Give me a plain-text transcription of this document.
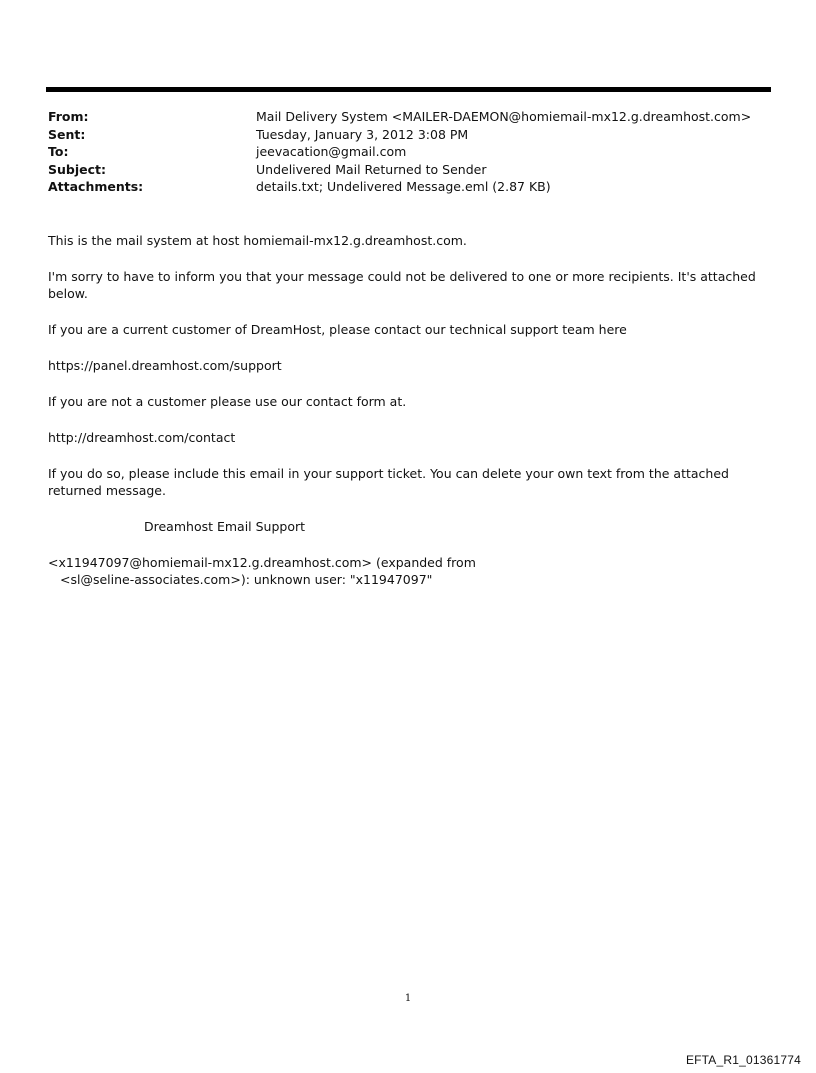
From:	Mail Delivery System <MAILER-DAEMON@homiemail-mx12.g.dreamhost.com>
Sent:	Tuesday, January 3, 2012 3:08 PM
To:	jeevacation@gmail.com
Subject:	Undelivered Mail Returned to Sender
Attachments:	details.txt; Undelivered Message.eml (2.87 KB)

This is the mail system at host homiemail-mx12.g.dreamhost.com.

I'm sorry to have to inform you that your message could not be delivered to one or more recipients. It's attached below.

If you are a current customer of DreamHost, please contact our technical support team here

https://panel.dreamhost.com/support

If you are not a customer please use our contact form at.

http://dreamhost.com/contact

If you do so, please include this email in your support ticket. You can delete your own text from the attached returned message.

Dreamhost Email Support

<x11947097@homiemail-mx12.g.dreamhost.com> (expanded from
<sl@seline-associates.com>): unknown user: "x11947097"

1
EFTA_R1_01361774
